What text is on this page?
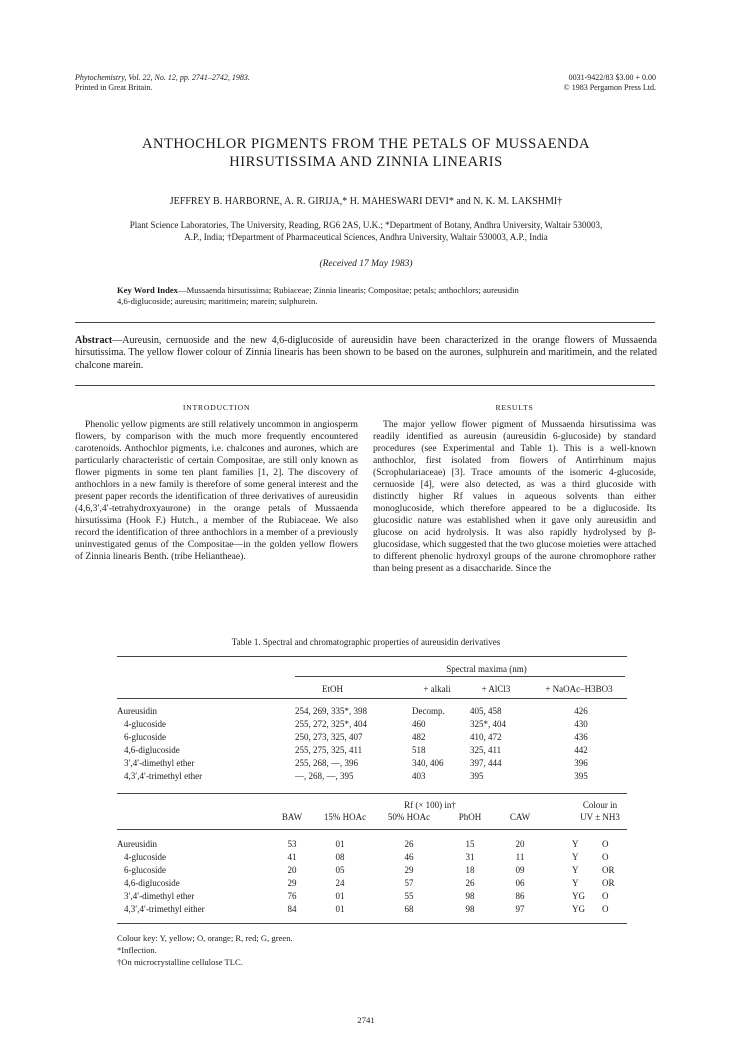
Phytochemistry, Vol. 22, No. 12, pp. 2741–2742, 1983.
Printed in Great Britain.
0031-9422/83 $3.00 + 0.00
© 1983 Pergamon Press Ltd.
ANTHOCHLOR PIGMENTS FROM THE PETALS OF MUSSAENDA
HIRSUTISSIMA AND ZINNIA LINEARIS
JEFFREY B. HARBORNE, A. R. GIRIJA,* H. MAHESWARI DEVI* and N. K. M. LAKSHMI†
Plant Science Laboratories, The University, Reading, RG6 2AS, U.K.; *Department of Botany, Andhra University, Waltair 530003,
A.P., India; †Department of Pharmaceutical Sciences, Andhra University, Waltair 530003, A.P., India
(Received 17 May 1983)
Key Word Index—Mussaenda hirsutissima; Rubiaceae; Zinnia linearis; Compositae; petals; anthochlors; aureusidin
4,6-diglucoside; aureusin; maritimein; marein; sulphurein.
Abstract—Aureusin, cernuoside and the new 4,6-diglucoside of aureusidin have been characterized in the orange flowers of Mussaenda hirsutissima. The yellow flower colour of Zinnia linearis has been shown to be based on the aurones, sulphurein and maritimein, and the related chalcone marein.
INTRODUCTION

Phenolic yellow pigments are still relatively uncommon in angiosperm flowers, by comparison with the much more frequently encountered carotenoids. Anthochlor pigments, i.e. chalcones and aurones, which are particularly characteristic of certain Compositae, are still only known as flower pigments in some ten plant families [1, 2]. The discovery of anthochlors in a new family is therefore of some general interest and the present paper records the identification of three derivatives of aureusidin (4,6,3′,4′-tetrahydroxyaurone) in the orange petals of Mussaenda hirsutissima (Hook F.) Hutch., a member of the Rubiaceae. We also record the identification of three anthochlors in a member of a previously uninvestigated genus of the Compositae—in the golden yellow flowers of Zinnia linearis Benth. (tribe Heliantheae).

RESULTS

The major yellow flower pigment of Mussaenda hirsutissima was readily identified as aureusin (aureusidin 6-glucoside) by standard procedures (see Experimental and Table 1). This is a well-known anthochlor, first isolated from flowers of Antirrhinum majus (Scrophulariaceae) [3]. Trace amounts of the isomeric 4-glucoside, cernuoside [4], were also detected, as was a third glucoside with distinctly higher Rf values in aqueous solvents than either monoglucoside, which therefore appeared to be a diglucoside. Its glucosidic nature was established when it gave only aureusidin and glucose on acid hydrolysis. It was also rapidly hydrolysed by β-glucosidase, which suggested that the two glucose moieties were attached to different phenolic hydroxyl groups of the aurone chromophore rather than being present as a disaccharide. Since the

Table 1. Spectral and chromatographic properties of aureusidin derivatives
Spectral maxima (nm)
EtOH	+ alkali	+ AlCl3	+ NaOAc–H3BO3
Aureusidin	254, 269, 335*, 398	Decomp.	405, 458	426
4-glucoside	255, 272, 325*, 404	460	325*, 404	430
6-glucoside	250, 273, 325, 407	482	410, 472	436
4,6-diglucoside	255, 275, 325, 411	518	325, 411	442
3′,4′-dimethyl ether	255, 268, —, 396	340, 406	397, 444	396
4,3′,4′-trimethyl ether	—, 268, —, 395	403	395	395
Rf (× 100) in†	Colour in
BAW	15% HOAc	50% HOAc	PhOH	CAW	UV ± NH3
Aureusidin	53	01	26	15	20	Y	O
4-glucoside	41	08	46	31	11	Y	O
6-glucoside	20	05	29	18	09	Y	OR
4,6-diglucoside	29	24	57	26	06	Y	OR
3′,4′-dimethyl ether	76	01	55	98	86	YG O
4,3′,4′-trimethyl either	84	01	68	98	97	YG O
Colour key: Y, yellow; O, orange; R, red; G, green.
*Inflection.
†On microcrystalline cellulose TLC.
2741
